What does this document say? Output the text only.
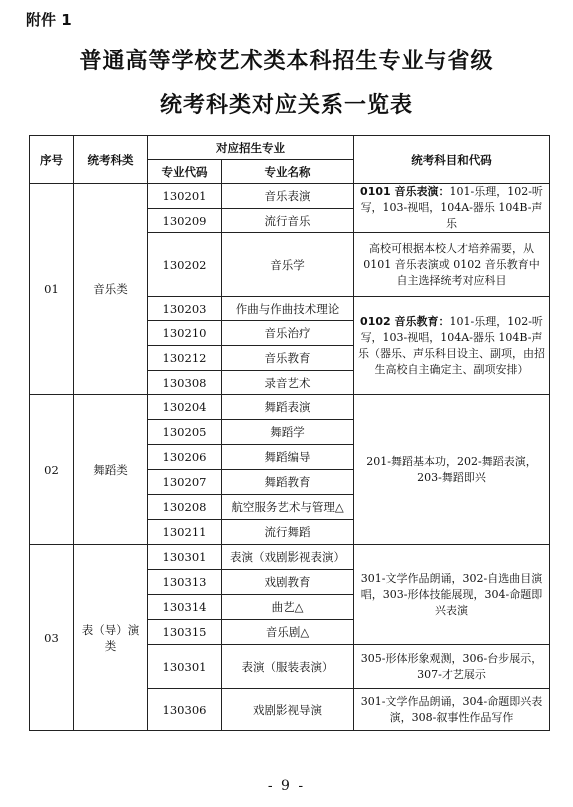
附件 1
普通高等学校艺术类本科招生专业与省级
统考科类对应关系一览表
序号	统考科类	对应招生专业		统考科目和代码
		专业代码	专业名称	
01	音乐类	130201	音乐表演	0101 音乐表演：101-乐理，102-听写，103-视唱，104A-器乐 104B-声乐
		130209	流行音乐	
		130202	音乐学	高校可根据本校人才培养需要，从 0101 音乐表演或 0102 音乐教育中自主选择统考对应科目
		130203	作曲与作曲技术理论	0102 音乐教育：101-乐理，102-听写，103-视唱，104A-器乐 104B-声乐（器乐、声乐科目设主、副项，由招生高校自主确定主、副项安排）
		130210	音乐治疗	
		130212	音乐教育	
		130308	录音艺术	
02	舞蹈类	130204	舞蹈表演	201-舞蹈基本功，202-舞蹈表演，203-舞蹈即兴
		130205	舞蹈学	
		130206	舞蹈编导	
		130207	舞蹈教育	
		130208	航空服务艺术与管理△	
		130211	流行舞蹈	
03	表（导）演类	130301	表演（戏剧影视表演）	301-文学作品朗诵，302-自选曲目演唱，303-形体技能展现，304-命题即兴表演
		130313	戏剧教育	
		130314	曲艺△	
		130315	音乐剧△	
		130301	表演（服装表演）	305-形体形象观测，306-台步展示，307-才艺展示
		130306	戏剧影视导演	301-文学作品朗诵，304-命题即兴表演，308-叙事性作品写作
- 9 -
